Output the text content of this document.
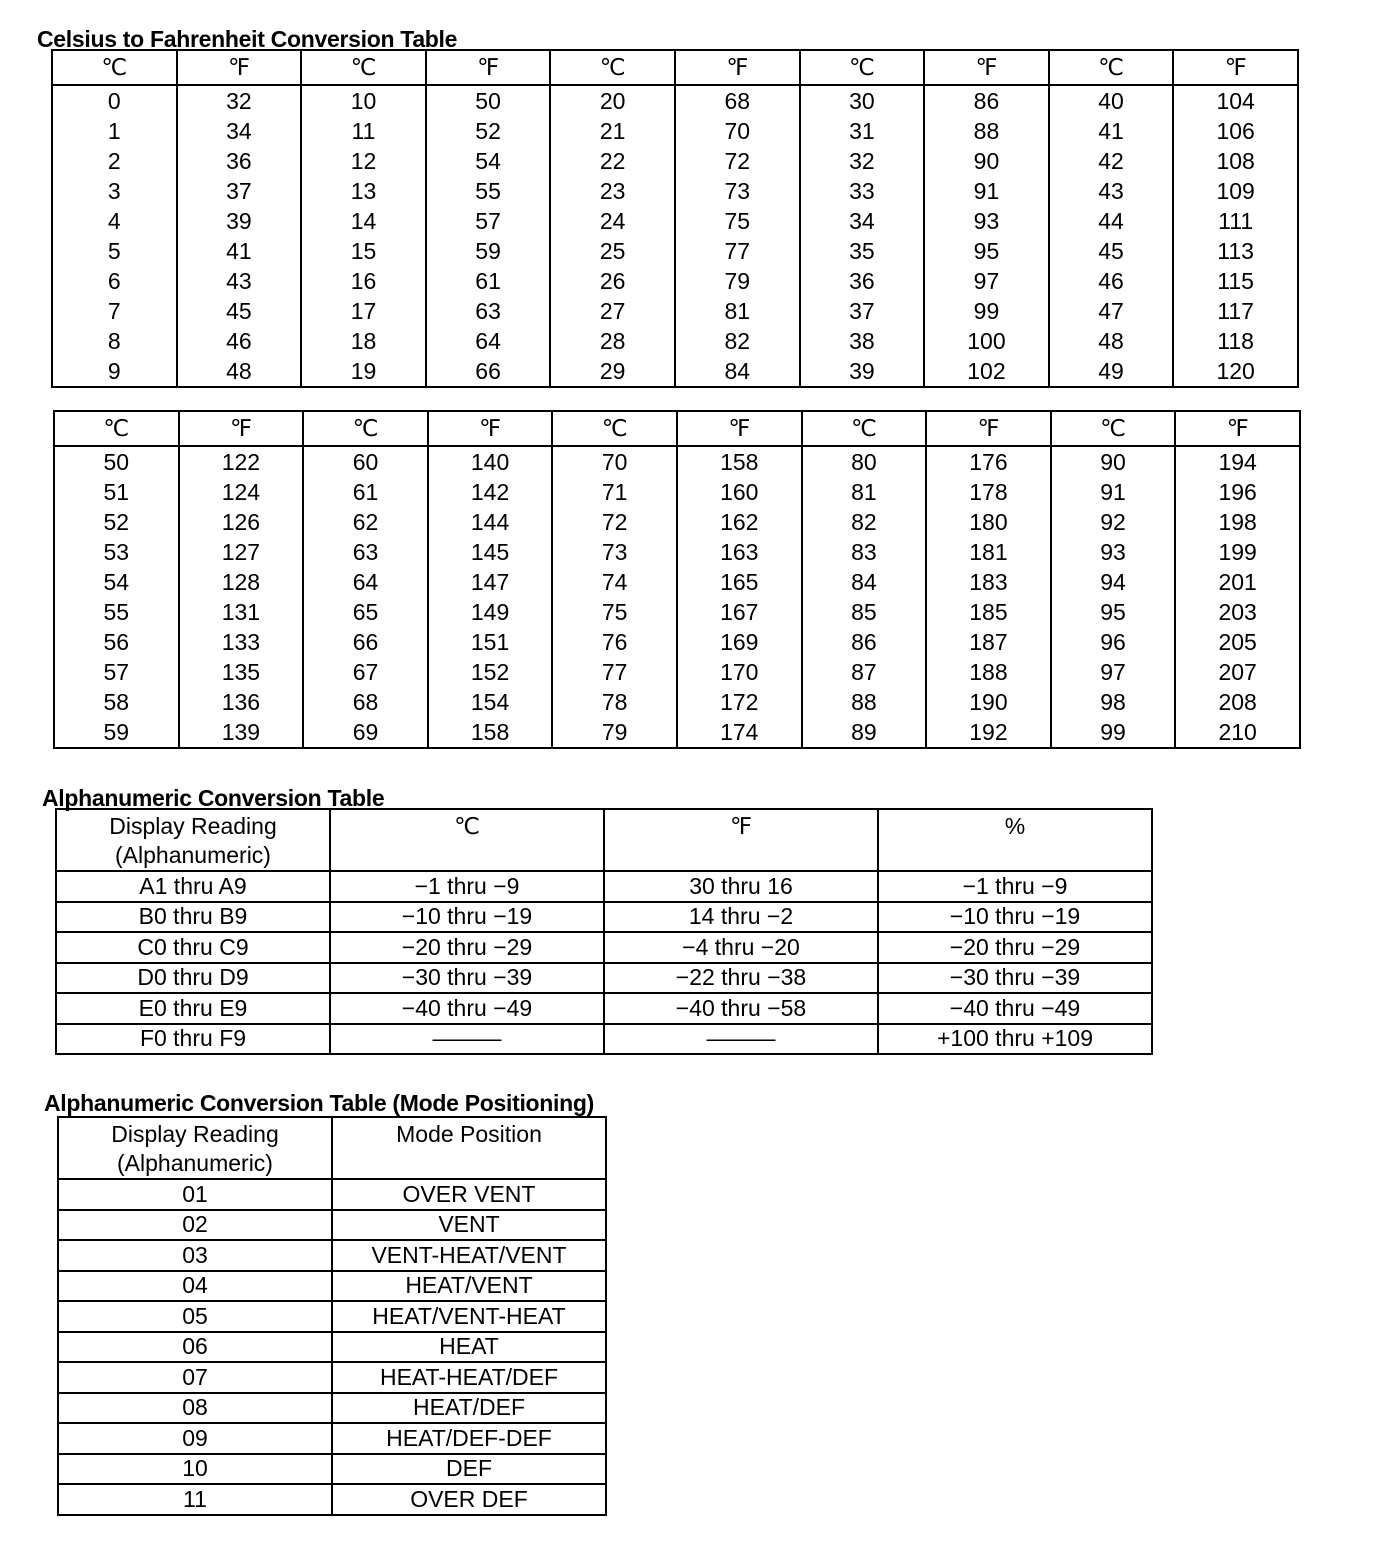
Celsius to Fahrenheit Conversion Table
℃	℉	℃	℉	℃	℉	℃	℉	℃	℉
0	32	10	50	20	68	30	86	40	104
1	34	11	52	21	70	31	88	41	106
2	36	12	54	22	72	32	90	42	108
3	37	13	55	23	73	33	91	43	109
4	39	14	57	24	75	34	93	44	111
5	41	15	59	25	77	35	95	45	113
6	43	16	61	26	79	36	97	46	115
7	45	17	63	27	81	37	99	47	117
8	46	18	64	28	82	38	100	48	118
9	48	19	66	29	84	39	102	49	120
℃	℉	℃	℉	℃	℉	℃	℉	℃	℉
50	122	60	140	70	158	80	176	90	194
51	124	61	142	71	160	81	178	91	196
52	126	62	144	72	162	82	180	92	198
53	127	63	145	73	163	83	181	93	199
54	128	64	147	74	165	84	183	94	201
55	131	65	149	75	167	85	185	95	203
56	133	66	151	76	169	86	187	96	205
57	135	67	152	77	170	87	188	97	207
58	136	68	154	78	172	88	190	98	208
59	139	69	158	79	174	89	192	99	210
Alphanumeric Conversion Table
Display Reading
(Alphanumeric)	℃	℉	%
A1 thru A9	−1 thru −9	30 thru 16	−1 thru −9
B0 thru B9	−10 thru −19	14 thru −2	−10 thru −19
C0 thru C9	−20 thru −29	−4 thru −20	−20 thru −29
D0 thru D9	−30 thru −39	−22 thru −38	−30 thru −39
E0 thru E9	−40 thru −49	−40 thru −58	−40 thru −49
F0 thru F9	———	———	+100 thru +109
Alphanumeric Conversion Table (Mode Positioning)
Display Reading
(Alphanumeric)	Mode Position
01	OVER VENT
02	VENT
03	VENT-HEAT/VENT
04	HEAT/VENT
05	HEAT/VENT-HEAT
06	HEAT
07	HEAT-HEAT/DEF
08	HEAT/DEF
09	HEAT/DEF-DEF
10	DEF
11	OVER DEF
